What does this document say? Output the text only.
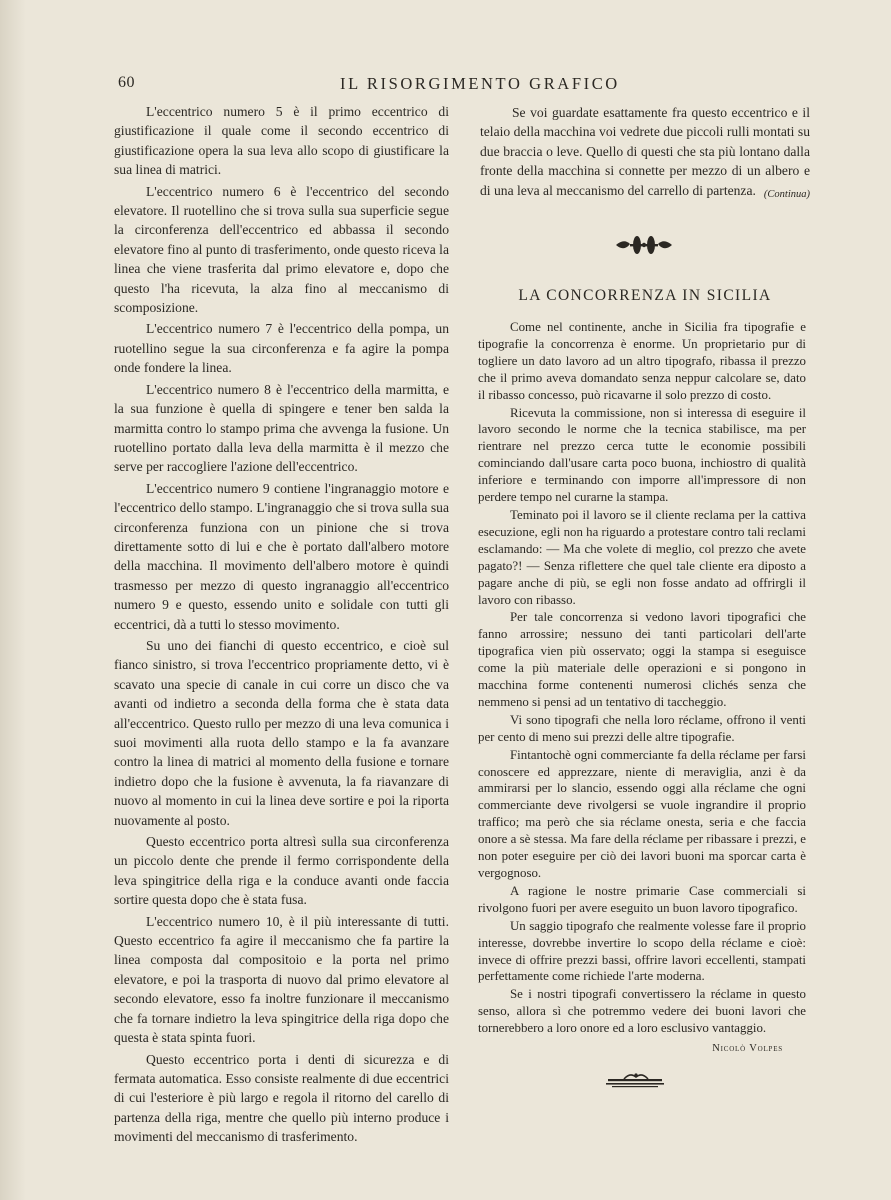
60	IL RISORGIMENTO GRAFICO

L'eccentrico numero 5 è il primo eccentrico di giustificazione il quale come il secondo eccentrico di giustificazione opera la sua leva allo scopo di giustificare la sua linea di matrici.

L'eccentrico numero 6 è l'eccentrico del secondo elevatore. Il ruotellino che si trova sulla sua superficie segue la circonferenza dell'eccentrico ed abbassa il secondo elevatore fino al punto di trasferimento, onde questo riceva la linea che viene trasferita dal primo elevatore e, dopo che questo l'ha ricevuta, la alza fino al meccanismo di scomposizione.

L'eccentrico numero 7 è l'eccentrico della pompa, un ruotellino segue la sua circonferenza e fa agire la pompa onde fondere la linea.

L'eccentrico numero 8 è l'eccentrico della marmitta, e la sua funzione è quella di spingere e tener ben salda la marmitta contro lo stampo prima che avvenga la fusione. Un ruotellino portato dalla leva della marmitta è il mezzo che serve per raccogliere l'azione dell'eccentrico.

L'eccentrico numero 9 contiene l'ingranaggio motore e l'eccentrico dello stampo. L'ingranaggio che si trova sulla sua circonferenza funziona con un pinione che si trova direttamente sotto di lui e che è portato dall'albero motore della macchina. Il movimento dell'albero motore è quindi trasmesso per mezzo di questo ingranaggio all'eccentrico numero 9 e questo, essendo unito e solidale con tutti gli eccentrici, dà a tutti lo stesso movimento.

Su uno dei fianchi di questo eccentrico, e cioè sul fianco sinistro, si trova l'eccentrico propriamente detto, vi è scavato una specie di canale in cui corre un disco che va avanti od indietro a seconda della forma che è stata data all'eccentrico. Questo rullo per mezzo di una leva comunica i suoi movimenti alla ruota dello stampo e la fa avanzare contro la linea di matrici al momento della fusione e tornare indietro dopo che la fusione è avvenuta, la fa riavanzare di nuovo al momento in cui la linea deve sortire e poi la riporta nuovamente al posto.

Questo eccentrico porta altresì sulla sua circonferenza un piccolo dente che prende il fermo corrispondente della leva spingitrice della riga e la conduce avanti onde faccia sortire questa dopo che è stata fusa.

L'eccentrico numero 10, è il più interessante di tutti. Questo eccentrico fa agire il meccanismo che fa partire la linea composta dal compositoio e la porta nel primo elevatore, e poi la trasporta di nuovo dal primo elevatore al secondo elevatore, esso fa inoltre funzionare il meccanismo che fa tornare indietro la leva spingitrice della riga dopo che questa è stata spinta fuori.

Questo eccentrico porta i denti di sicurezza e di fermata automatica. Esso consiste realmente di due eccentrici di cui l'esteriore è più largo e regola il ritorno del carello di partenza della riga, mentre che quello più interno produce i movimenti del meccanismo di trasferimento.

Se voi guardate esattamente fra questo eccentrico e il telaio della macchina voi vedrete due piccoli rulli montati su due braccia o leve. Quello di questi che sta più lontano dalla fronte della macchina si connette per mezzo di un albero e di una leva al meccanismo del carrello di partenza. (Continua)
LA CONCORRENZA IN SICILIA

Come nel continente, anche in Sicilia fra tipografie e tipografie la concorrenza è enorme. Un proprietario pur di togliere un dato lavoro ad un altro tipografo, ribassa il prezzo che il primo aveva domandato senza neppur calcolare se, dato il ribasso concesso, può ricavarne il solo prezzo di costo.

Ricevuta la commissione, non si interessa di eseguire il lavoro secondo le norme che la tecnica stabilisce, ma per rientrare nel prezzo cerca tutte le economie possibili cominciando dall'usare carta poco buona, inchiostro di qualità inferiore e terminando con imporre all'impressore di non perdere tempo nel curarne la stampa.

Teminato poi il lavoro se il cliente reclama per la cattiva esecuzione, egli non ha riguardo a protestare contro tali reclami esclamando: — Ma che volete di meglio, col prezzo che avete pagato?! — Senza riflettere che quel tale cliente era diposto a pagare anche di più, se egli non fosse andato ad offrirgli il lavoro con ribasso.

Per tale concorrenza si vedono lavori tipografici che fanno arrossire; nessuno dei tanti particolari dell'arte tipografica vien più osservato; oggi la stampa si eseguisce come la più materiale delle operazioni e si pongono in macchina forme contenenti numerosi clichés senza che nemmeno si pensi ad un tentativo di taccheggio.

Vi sono tipografi che nella loro réclame, offrono il venti per cento di meno sui prezzi delle altre tipografie.

Fintantochè ogni commerciante fa della réclame per farsi conoscere ed apprezzare, niente di meraviglia, anzi è da ammirarsi per lo slancio, essendo oggi alla réclame che ogni commerciante deve rivolgersi se vuole ingrandire il proprio traffico; ma però che sia réclame onesta, seria e che faccia onore a sè stessa. Ma fare della réclame per ribassare i prezzi, e non poter eseguire per ciò dei lavori buoni ma sporcar carta è vergognoso.

A ragione le nostre primarie Case commerciali si rivolgono fuori per avere eseguito un buon lavoro tipografico.

Un saggio tipografo che realmente volesse fare il proprio interesse, dovrebbe invertire lo scopo della réclame e cioè: invece di offrire prezzi bassi, offrire lavori eccellenti, stampati perfettamente come richiede l'arte moderna.

Se i nostri tipografi convertissero la réclame in questo senso, allora sì che potremmo vedere dei buoni lavori che tornerebbero a loro onore ed a loro esclusivo vantaggio.

Nicolò Volpes
